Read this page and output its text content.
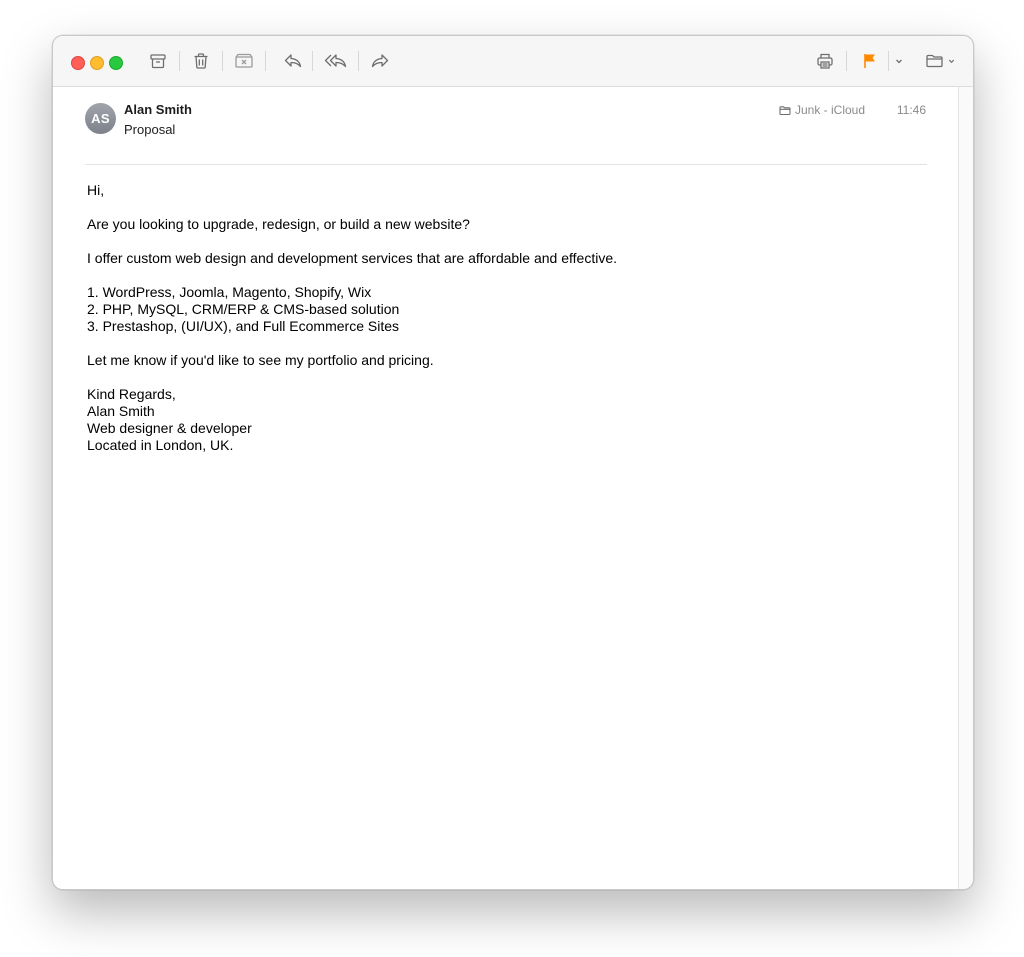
AS
Alan Smith
Proposal
Junk - iCloud	11:46

Hi,

Are you looking to upgrade, redesign, or build a new website?

I offer custom web design and development services that are affordable and effective.

1. WordPress, Joomla, Magento, Shopify, Wix
2. PHP, MySQL, CRM/ERP & CMS-based solution
3. Prestashop, (UI/UX), and Full Ecommerce Sites

Let me know if you'd like to see my portfolio and pricing.

Kind Regards,
Alan Smith
Web designer & developer
Located in London, UK.
